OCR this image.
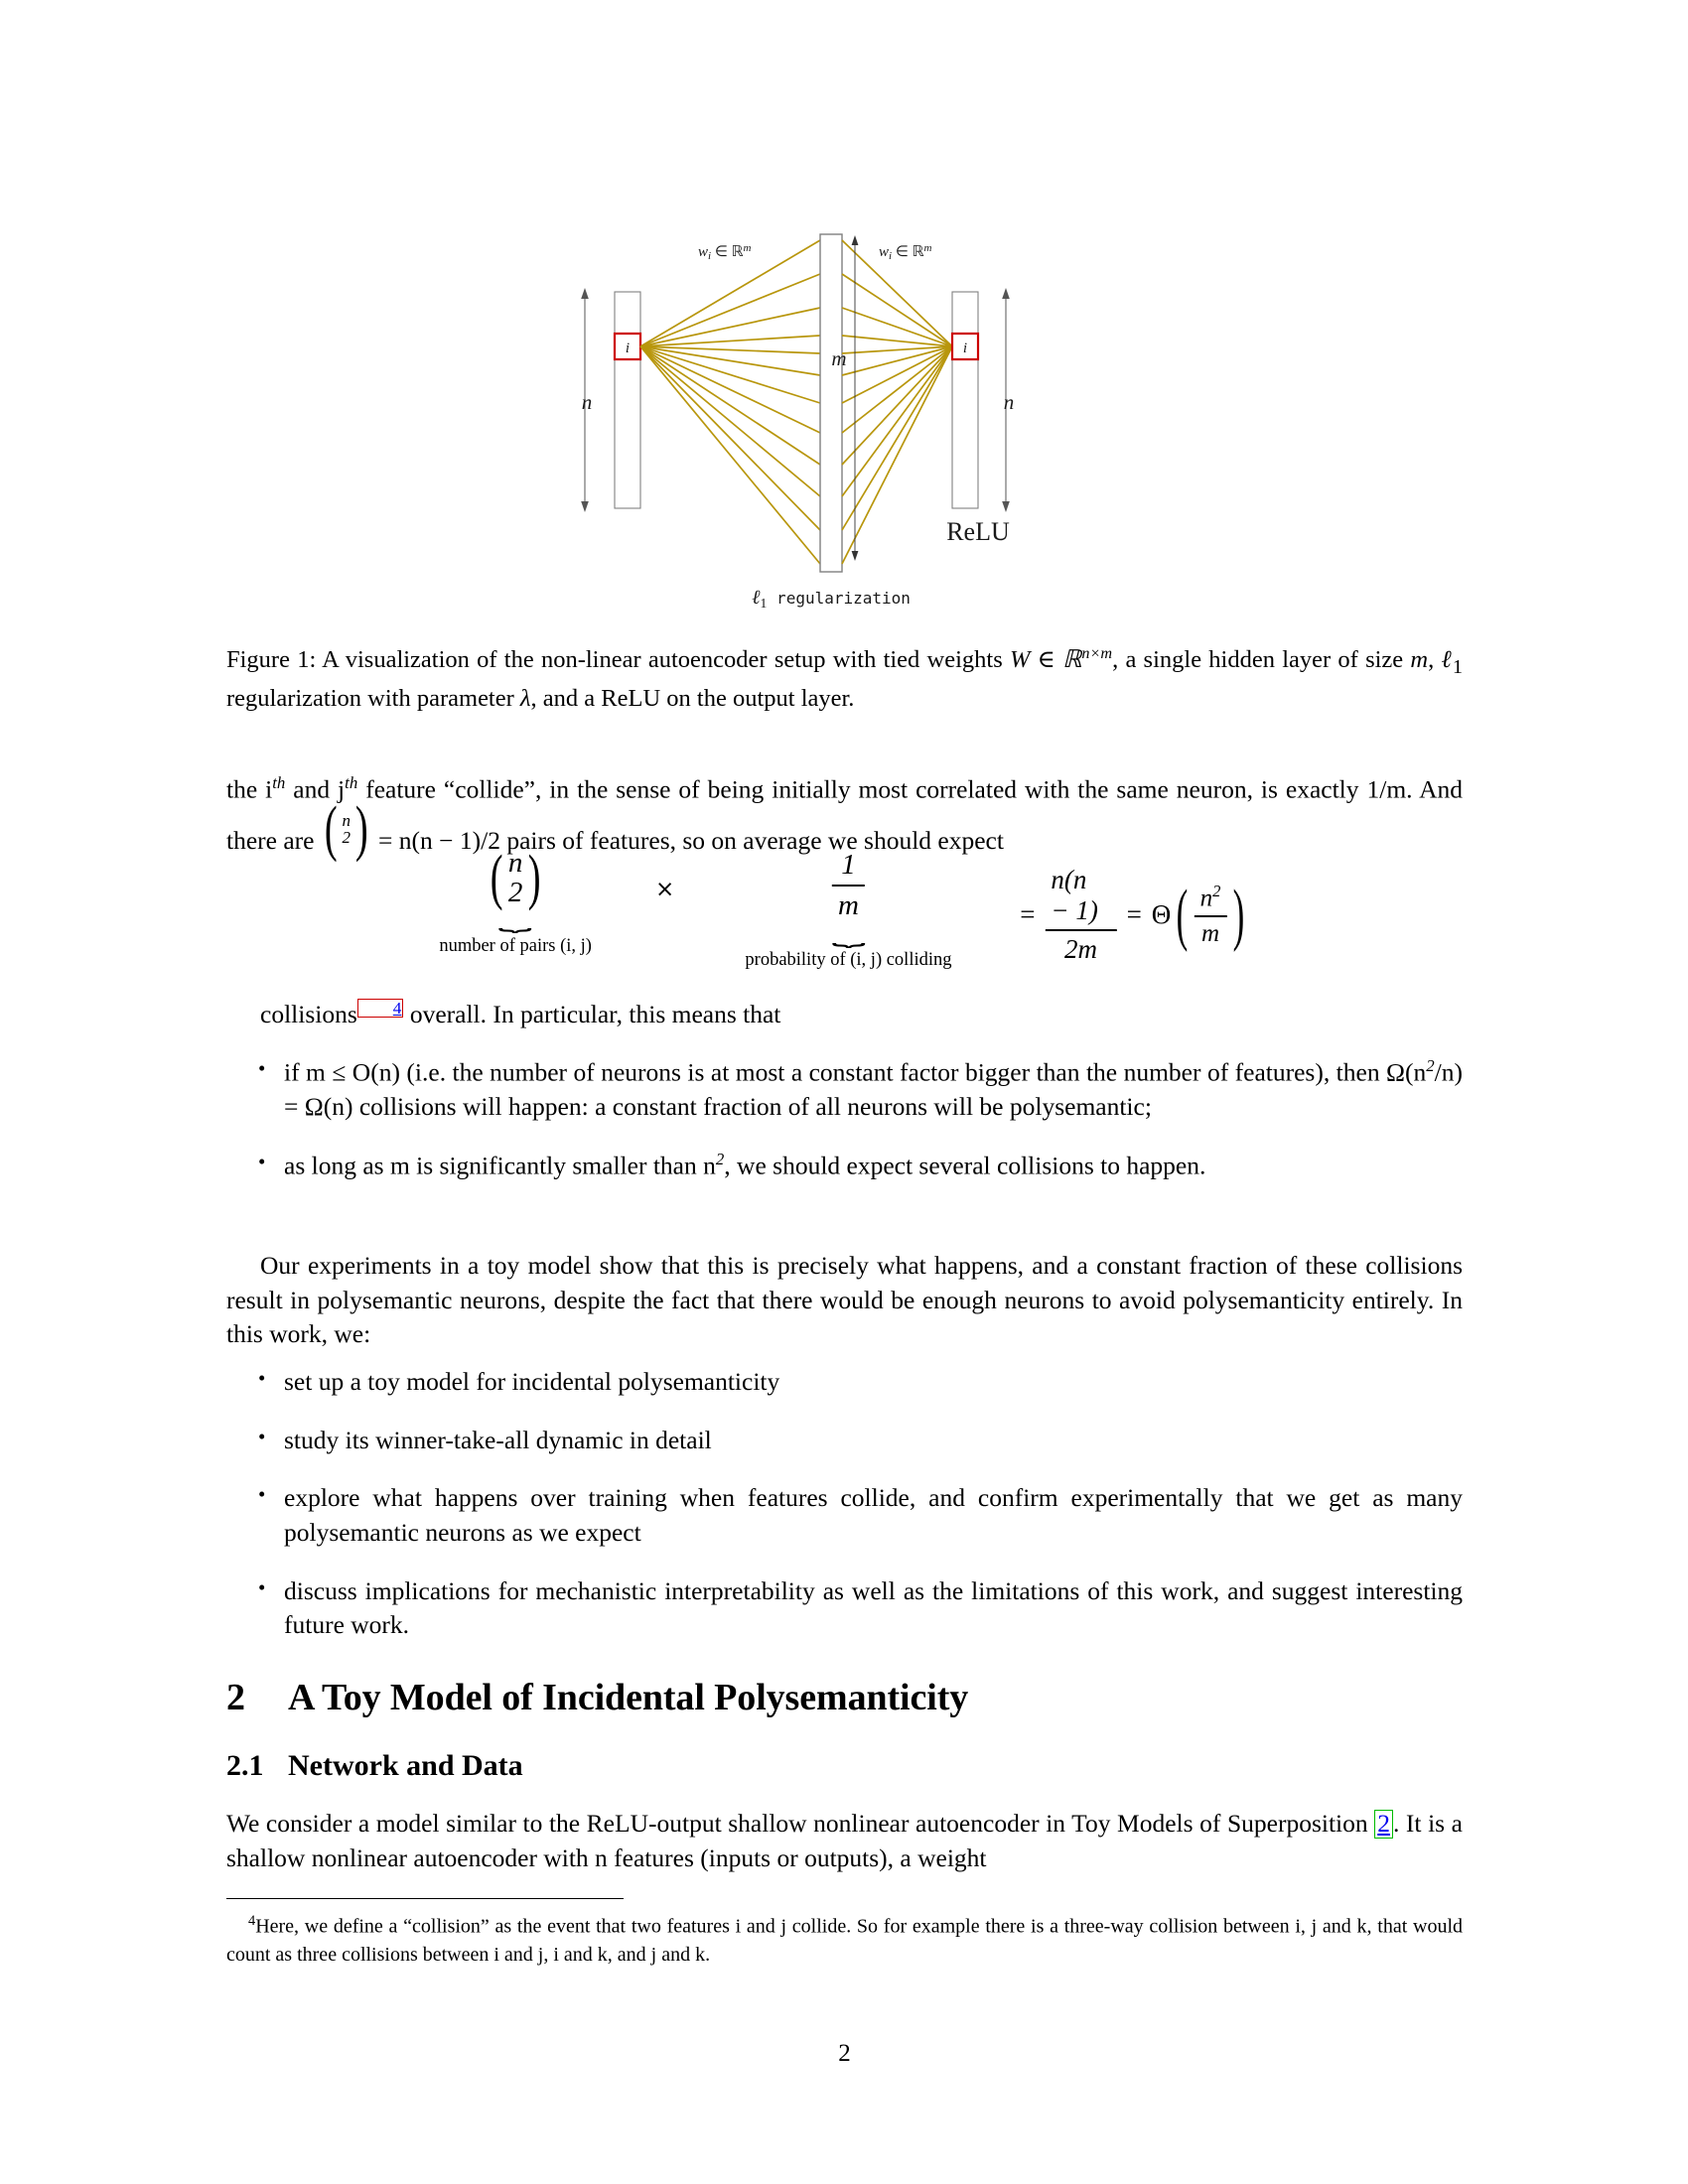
i	m	i
$w_i$ ∈ ℝ$^m$	$w_i$ ∈ ℝ$^m$
n	n
ReLU
ℓ$_1$ $^{regularization}$
Figure 1: A visualization of the non-linear autoencoder setup with tied weights W ∈ ℝ$^{n\times m}$, a single hidden layer of size m, ℓ$_1$ regularization with parameter λ, and a ReLU on the output layer.
the $i^{th}$ and $j^{th}$ feature “collide”, in the sense of being initially most correlated with the same neuron, is exactly 1/m. And there are ( n
2 ) = n(n − 1)/2 pairs of features, so on average we should expect
( n
2 )
⏟
number of pairs (i, j)
×	$\frac{1}{m}$
⏟
probability of (i, j) colliding
= $\frac{n(n - 1)}{2m} = \Theta$ ( $\frac{n^2}{m}$ )
collisions 4 overall. In particular, this means that
• if m ≤ O(n) (i.e. the number of neurons is at most a constant factor bigger than the number of features), then $\Omega(n^2/n) = \Omega(n)$ collisions will happen: a constant fraction of all neurons will be polysemantic;
• as long as m is significantly smaller than $n^2$, we should expect several collisions to happen.
Our experiments in a toy model show that this is precisely what happens, and a constant fraction of these collisions result in polysemantic neurons, despite the fact that there would be enough neurons to avoid polysemanticity entirely. In this work, we:
• set up a toy model for incidental polysemanticity
• study its winner-take-all dynamic in detail
• explore what happens over training when features collide, and confirm experimentally that we get as many polysemantic neurons as we expect
• discuss implications for mechanistic interpretability as well as the limitations of this work, and suggest interesting future work.
2 A Toy Model of Incidental Polysemanticity
2.1 Network and Data
We consider a model similar to the ReLU-output shallow nonlinear autoencoder in Toy Models of Superposition 2 . It is a shallow nonlinear autoencoder with n features (inputs or outputs), a weight
$^4$Here, we define a “collision” as the event that two features i and j collide. So for example there is a three-way collision between i, j and k, that would count as three collisions between i and j, i and k, and j and k.
2
